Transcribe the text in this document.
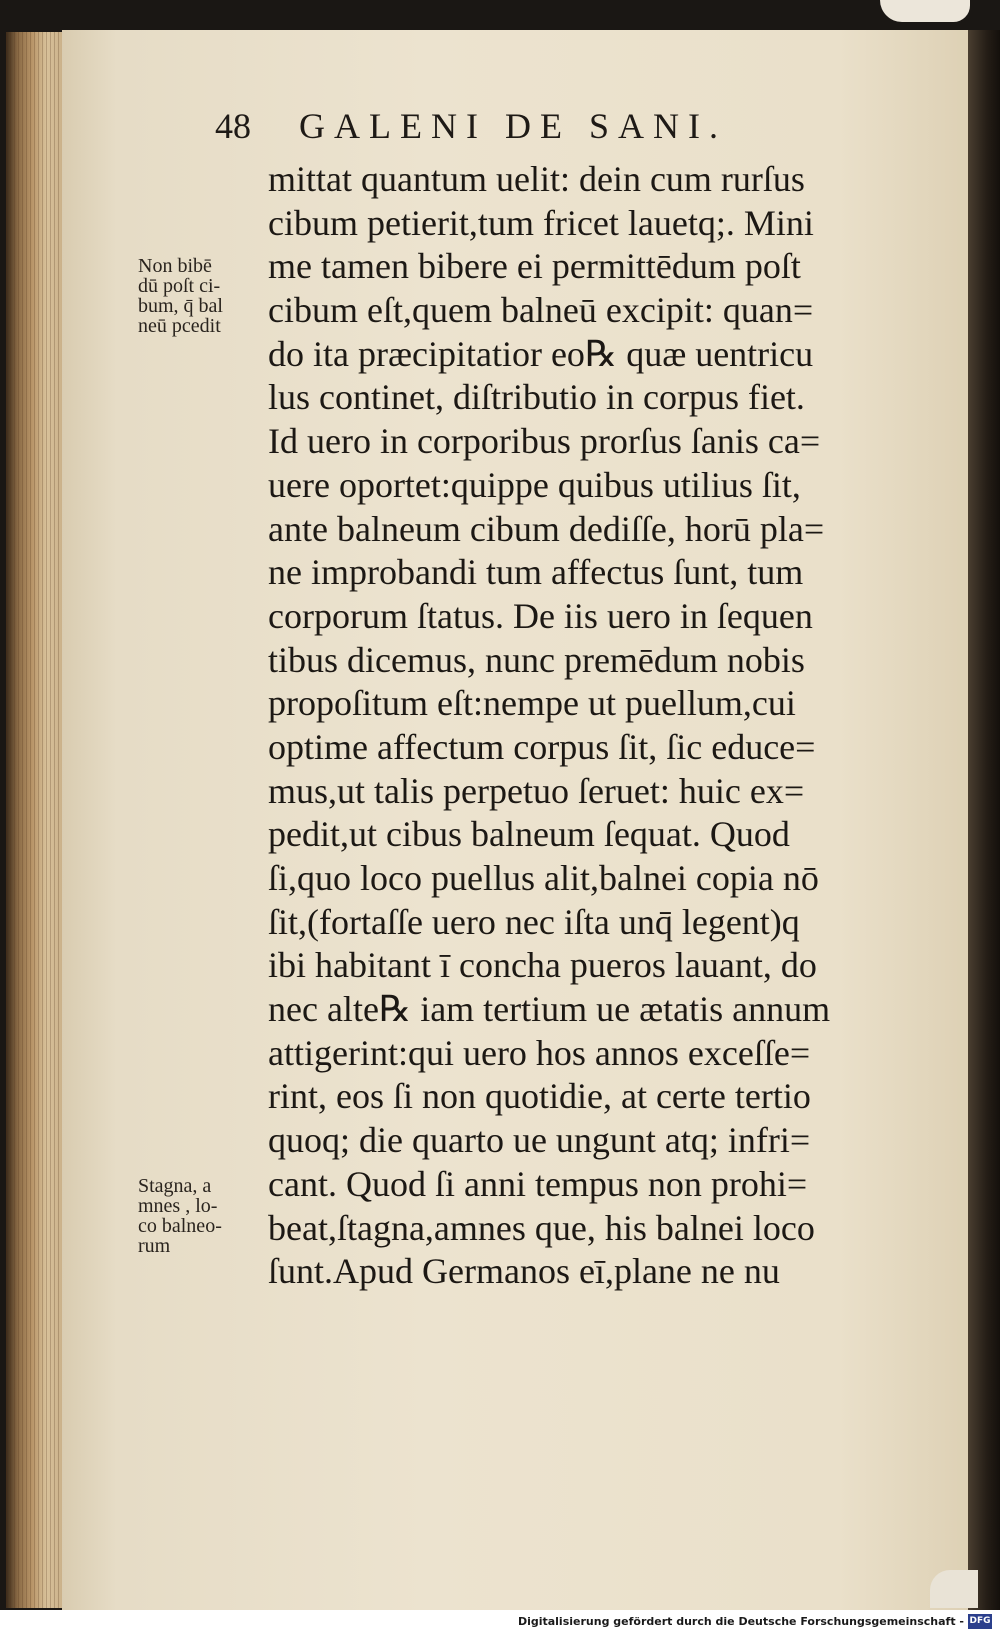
48 GALENI DE SANI.
mittat quantum uelit: dein cum rurſus
cibum petierit,tum fricet lauetq;. Mini
me tamen bibere ei permittēdum poſt
cibum eſt,quem balneū excipit: quan=
do ita præcipitatior eo℞ quæ uentricu
lus continet, diſtributio in corpus fiet.
Id uero in corporibus prorſus ſanis ca=
uere oportet:quippe quibus utilius ſit,
ante balneum cibum dediſſe, horū pla=
ne improbandi tum affectus ſunt, tum
corporum ſtatus. De iis uero in ſequen
tibus dicemus, nunc premēdum nobis
propoſitum eſt:nempe ut puellum,cui
optime affectum corpus ſit, ſic educe=
mus,ut talis perpetuo ſeruet: huic ex=
pedit,ut cibus balneum ſequat. Quod
ſi,quo loco puellus alit,balnei copia nō
ſit,(fortaſſe uero nec iſta unq̄ legent)q
ibi habitant ī concha pueros lauant, do
nec alte℞ iam tertium ue ætatis annum
attigerint:qui uero hos annos exceſſe=
rint, eos ſi non quotidie, at certe tertio
quoq; die quarto ue ungunt atq; infri=
cant. Quod ſi anni tempus non prohi=
beat,ſtagna,amnes que, his balnei loco
ſunt.Apud Germanos eī,plane ne nu
Non bibē
dū poſt ci-
bum, q̄ bal
neū pcedit
Stagna, a
mnes , lo-
co balneo-
rum
Digitalisierung gefördert durch die Deutsche Forschungsgemeinschaft - DFG
